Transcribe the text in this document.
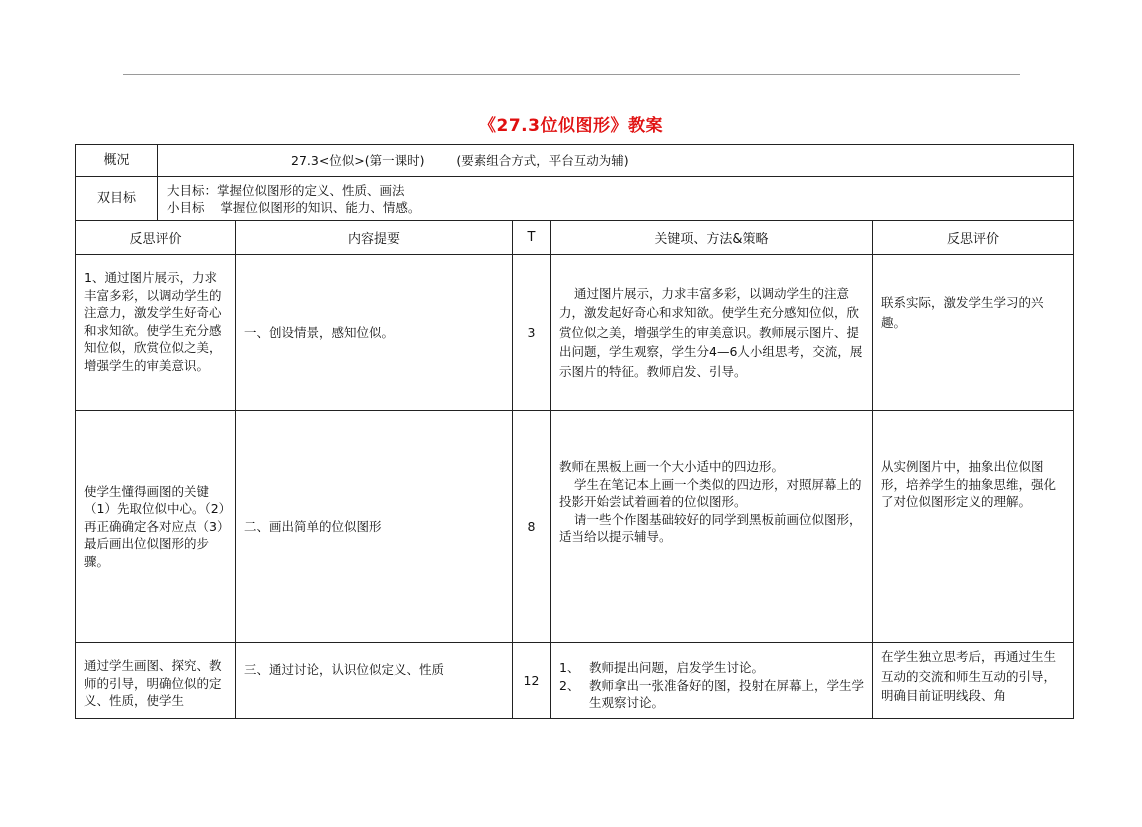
《27.3位似图形》教案
概况	27.3<位似>(第一课时)        (要素组合方式，平台互动为辅)
双目标	大目标：掌握位似图形的定义、性质、画法
小目标    掌握位似图形的知识、能力、情感。
反思评价	内容提要	T	关键项、方法&策略	反思评价

1、通过图片展示，力求丰富多彩，以调动学生的注意力，激发学生好奇心和求知欲。使学生充分感知位似，欣赏位似之美，增强学生的审美意识。	一、创设情景，感知位似。	3	通过图片展示，力求丰富多彩，以调动学生的注意力，激发起好奇心和求知欲。使学生充分感知位似，欣赏位似之美，增强学生的审美意识。教师展示图片、提出问题，学生观察，学生分4—6人小组思考，交流，展示图片的特征。教师启发、引导。	联系实际，激发学生学习的兴趣。

使学生懂得画图的关键（1）先取位似中心。（2）再正确确定各对应点（3）最后画出位似图形的步骤。	二、画出简单的位似图形	8	教师在黑板上画一个大小适中的四边形。
学生在笔记本上画一个类似的四边形，对照屏幕上的投影开始尝试着画着的位似图形。
请一些个作图基础较好的同学到黑板前画位似图形，适当给以提示辅导。	从实例图片中，抽象出位似图形，培养学生的抽象思维，强化了对位似图形定义的理解。

通过学生画图、探究、教师的引导，明确位似的定义、性质，使学生	三、通过讨论，认识位似定义、性质	12	1、 教师提出问题，启发学生讨论。
2、 教师拿出一张准备好的图，投射在屏幕上，学生学生观察讨论。	在学生独立思考后，再通过生生互动的交流和师生互动的引导，明确目前证明线段、角
